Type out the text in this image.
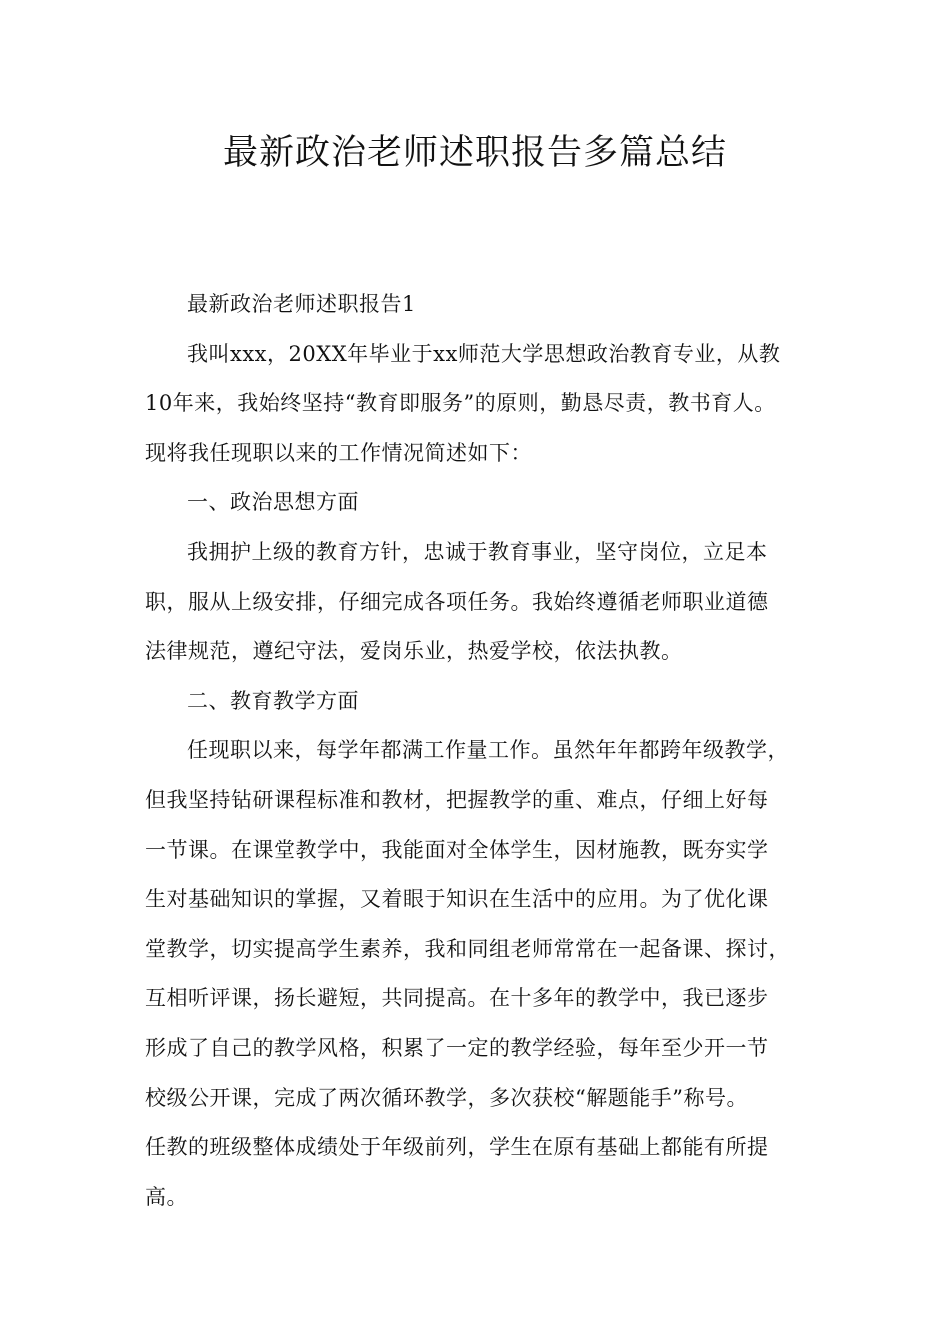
最新政治老师述职报告多篇总结

最新政治老师述职报告1

我叫xxx，20XX年毕业于xx师范大学思想政治教育专业，从教
10年来，我始终坚持“教育即服务”的原则，勤恳尽责，教书育人。
现将我任现职以来的工作情况简述如下：

一、政治思想方面

我拥护上级的教育方针，忠诚于教育事业，坚守岗位，立足本
职，服从上级安排，仔细完成各项任务。我始终遵循老师职业道德
法律规范，遵纪守法，爱岗乐业，热爱学校，依法执教。

二、教育教学方面

任现职以来，每学年都满工作量工作。虽然年年都跨年级教学，
但我坚持钻研课程标准和教材，把握教学的重、难点，仔细上好每
一节课。在课堂教学中，我能面对全体学生，因材施教，既夯实学
生对基础知识的掌握，又着眼于知识在生活中的应用。为了优化课
堂教学，切实提高学生素养，我和同组老师常常在一起备课、探讨，
互相听评课，扬长避短，共同提高。在十多年的教学中，我已逐步
形成了自己的教学风格，积累了一定的教学经验，每年至少开一节
校级公开课，完成了两次循环教学，多次获校“解题能手”称号。
任教的班级整体成绩处于年级前列，学生在原有基础上都能有所提
高。
